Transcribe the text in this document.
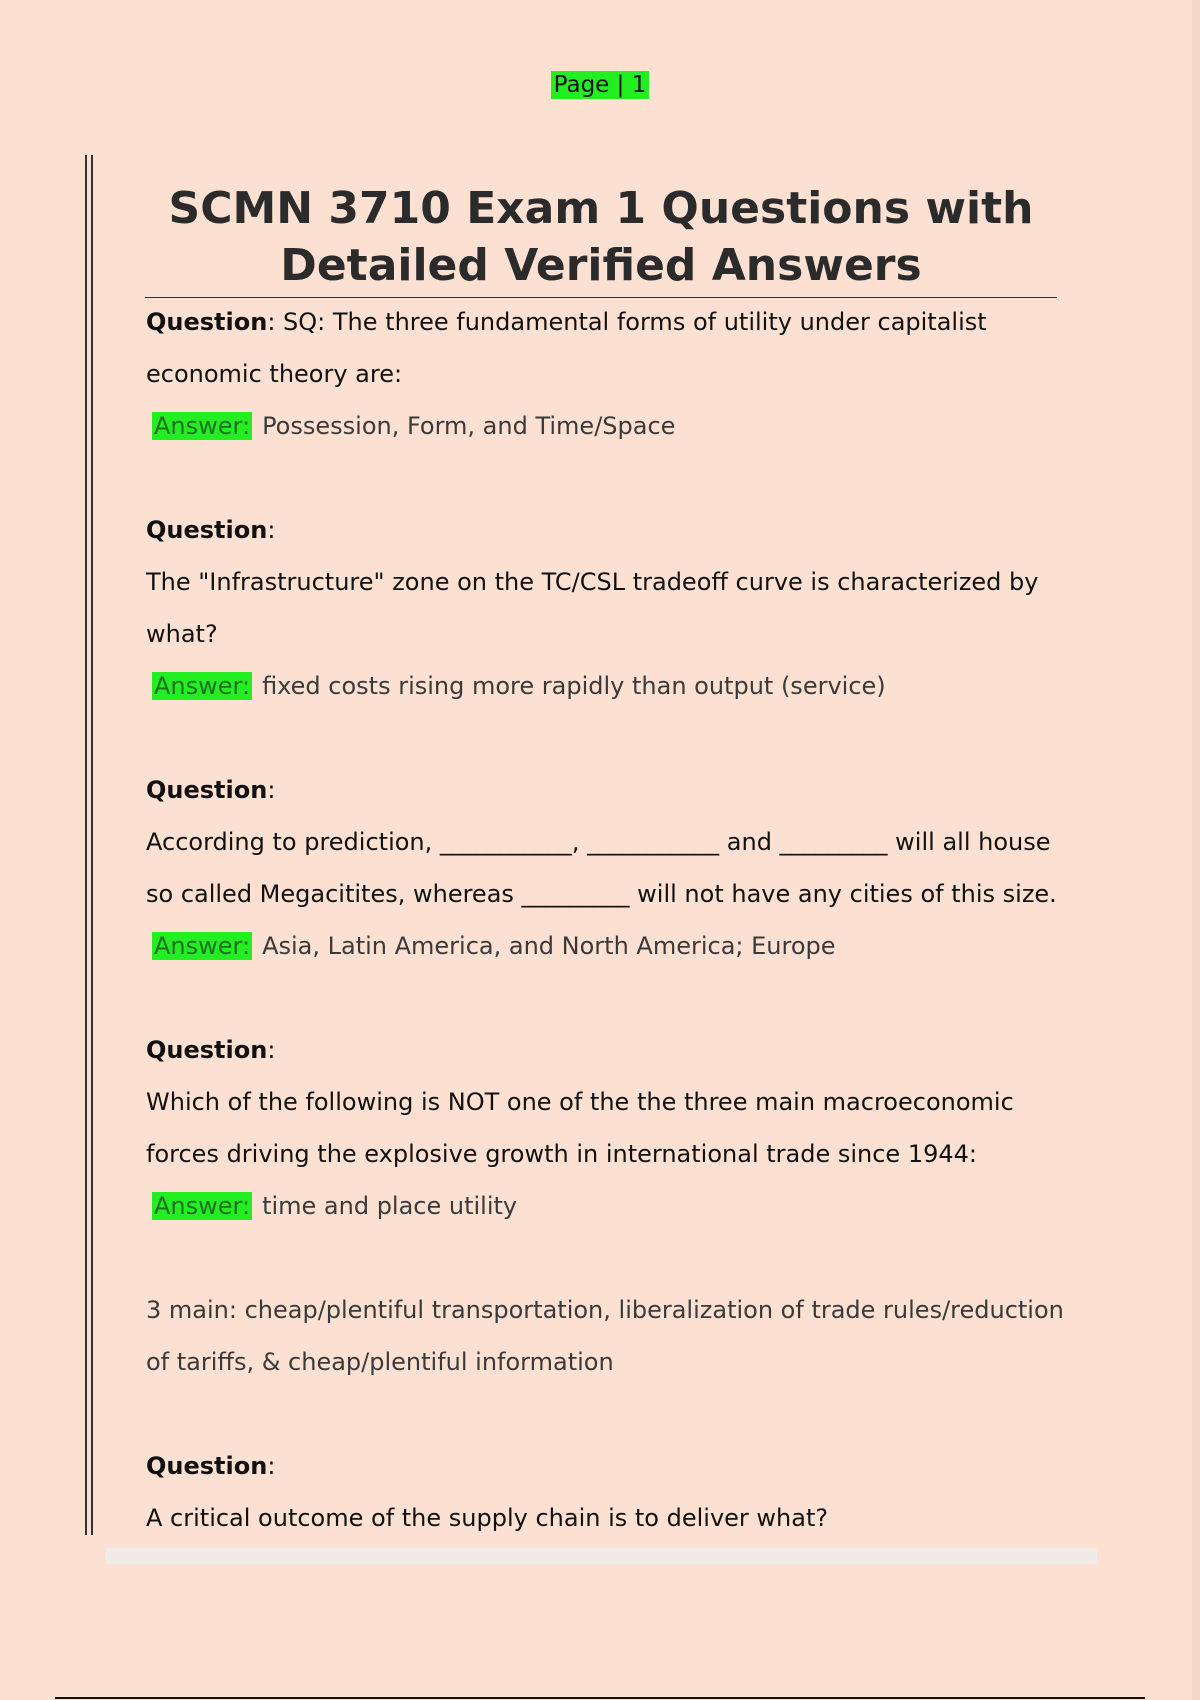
Page | 1
SCMN 3710 Exam 1 Questions with
Detailed Verified Answers
Question: SQ: The three fundamental forms of utility under capitalist
economic theory are:
Answer: Possession, Form, and Time/Space
Question:
The "Infrastructure" zone on the TC/CSL tradeoff curve is characterized by
what?
Answer: fixed costs rising more rapidly than output (service)
Question:
According to prediction, ___________, ___________ and _________ will all house
so called Megacitites, whereas _________ will not have any cities of this size.
Answer: Asia, Latin America, and North America; Europe
Question:
Which of the following is NOT one of the the three main macroeconomic
forces driving the explosive growth in international trade since 1944:
Answer: time and place utility
3 main: cheap/plentiful transportation, liberalization of trade rules/reduction
of tariffs, & cheap/plentiful information
Question:
A critical outcome of the supply chain is to deliver what?
